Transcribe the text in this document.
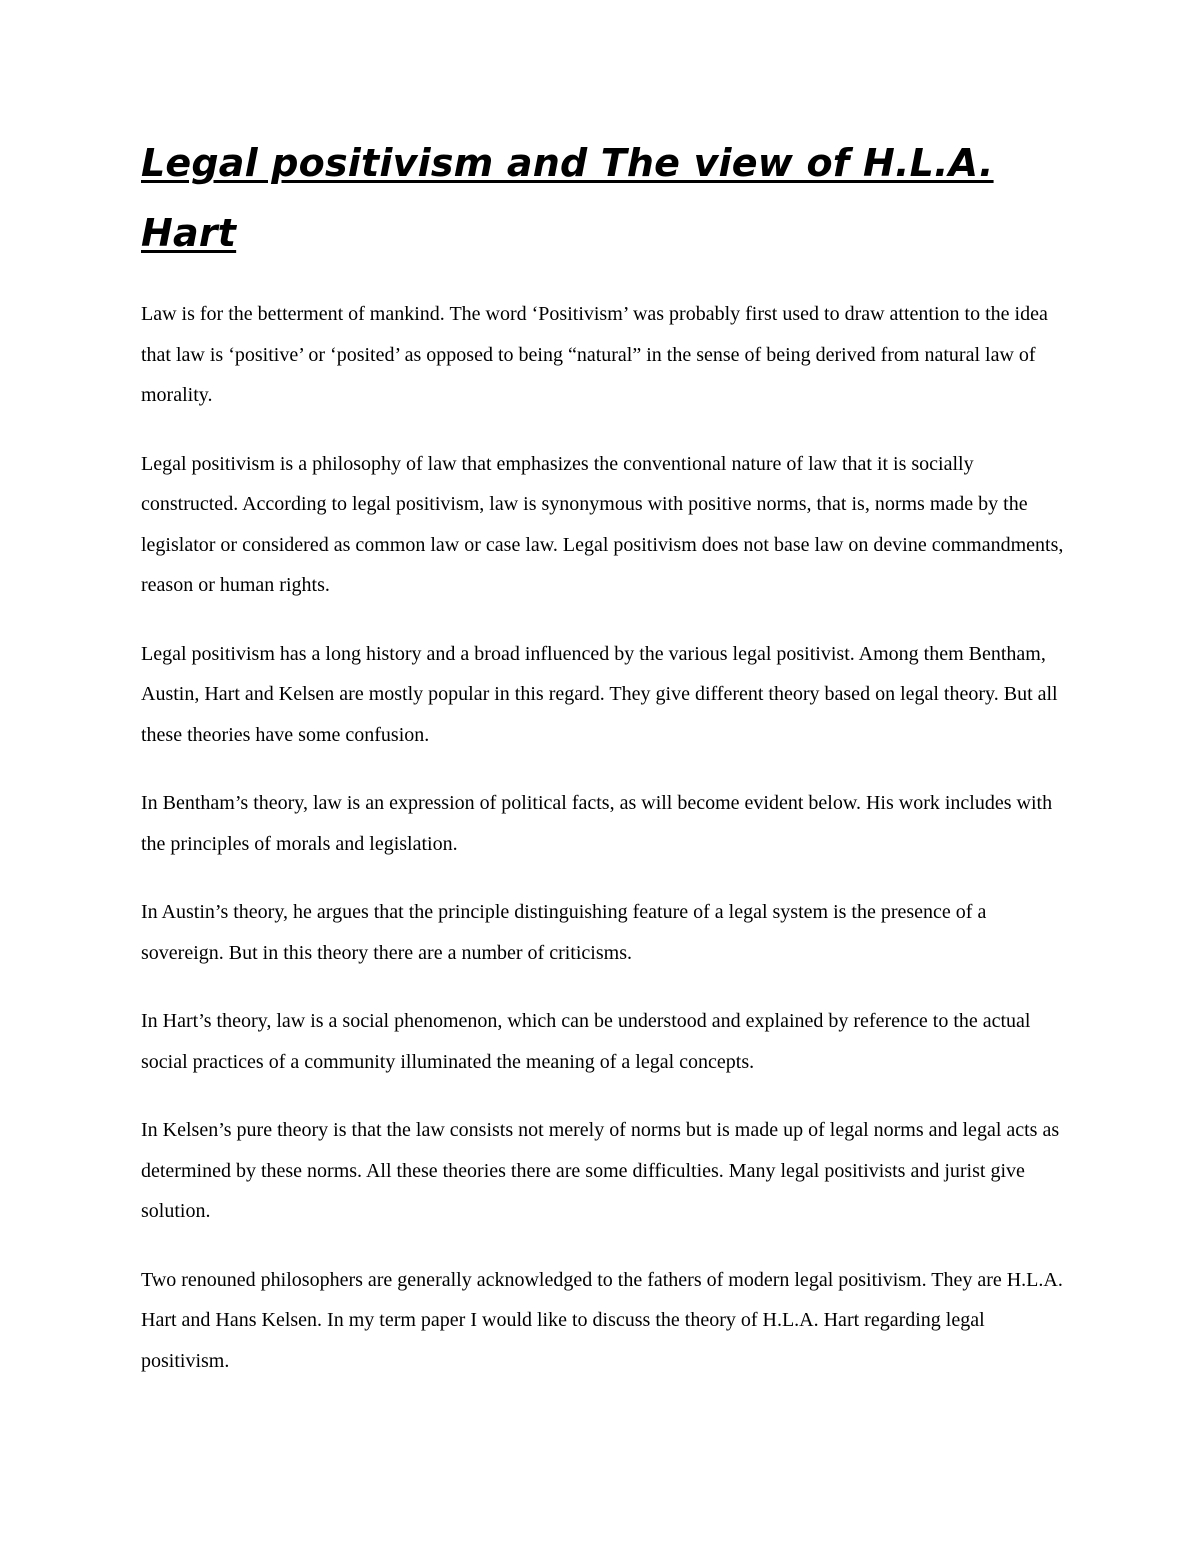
Legal positivism and The view of H.L.A. Hart

Law is for the betterment of mankind. The word ‘Positivism’ was probably first used to draw attention to the idea that law is ‘positive’ or ‘posited’ as opposed to being “natural” in the sense of being derived from natural law of morality.

Legal positivism is a philosophy of law that emphasizes the conventional nature of law that it is socially constructed. According to legal positivism, law is synonymous with positive norms, that is, norms made by the legislator or considered as common law or case law. Legal positivism does not base law on devine commandments, reason or human rights.

Legal positivism has a long history and a broad influenced by the various legal positivist. Among them Bentham, Austin, Hart and Kelsen are mostly popular in this regard. They give different theory based on legal theory. But all these theories have some confusion.

In Bentham’s theory, law is an expression of political facts, as will become evident below. His work includes with the principles of morals and legislation.

In Austin’s theory, he argues that the principle distinguishing feature of a legal system is the presence of a sovereign. But in this theory there are a number of criticisms.

In Hart’s theory, law is a social phenomenon, which can be understood and explained by reference to the actual social practices of a community illuminated the meaning of a legal concepts.

In Kelsen’s pure theory is that the law consists not merely of norms but is made up of legal norms and legal acts as determined by these norms. All these theories there are some difficulties. Many legal positivists and jurist give solution.

Two renouned philosophers are generally acknowledged to the fathers of modern legal positivism. They are H.L.A. Hart and Hans Kelsen. In my term paper I would like to discuss the theory of H.L.A. Hart regarding legal positivism.
